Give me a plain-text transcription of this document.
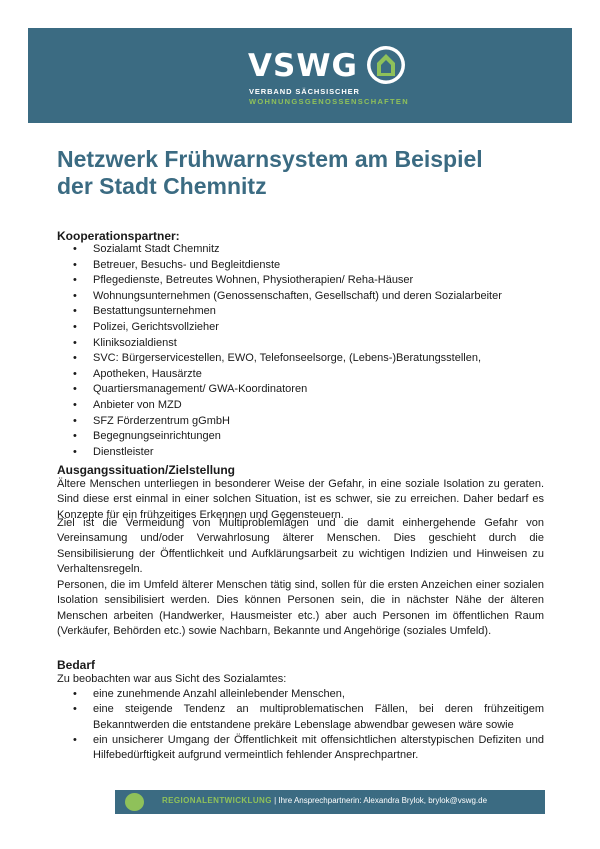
VSWG
VERBAND SÄCHSISCHER
WOHNUNGSGENOSSENSCHAFTEN
Netzwerk Frühwarnsystem am Beispiel
der Stadt Chemnitz
Kooperationspartner:
• Sozialamt Stadt Chemnitz
• Betreuer, Besuchs- und Begleitdienste
• Pflegedienste, Betreutes Wohnen, Physiotherapien/ Reha-Häuser
• Wohnungsunternehmen (Genossenschaften, Gesellschaft) und deren Sozialarbeiter
• Bestattungsunternehmen
• Polizei, Gerichtsvollzieher
• Kliniksozialdienst
• SVC: Bürgerservicestellen, EWO, Telefonseelsorge, (Lebens-)Beratungsstellen,
• Apotheken, Hausärzte
• Quartiersmanagement/ GWA-Koordinatoren
• Anbieter von MZD
• SFZ Förderzentrum gGmbH
• Begegnungseinrichtungen
• Dienstleister
Ausgangssituation/Zielstellung

Ältere Menschen unterliegen in besonderer Weise der Gefahr, in eine soziale Isolation zu geraten. Sind diese erst einmal in einer solchen Situation, ist es schwer, sie zu erreichen. Daher bedarf es Konzepte für ein frühzeitiges Erkennen und Gegensteuern.

Ziel ist die Vermeidung von Multiproblemlagen und die damit einhergehende Gefahr von Vereinsamung und/oder Verwahrlosung älterer Menschen. Dies geschieht durch die Sensibilisierung der Öffentlichkeit und Aufklärungsarbeit zu wichtigen Indizien und Hinweisen zu Verhaltensregeln.

Personen, die im Umfeld älterer Menschen tätig sind, sollen für die ersten Anzeichen einer sozialen Isolation sensibilisiert werden. Dies können Personen sein, die in nächster Nähe der älteren Menschen arbeiten (Handwerker, Hausmeister etc.) aber auch Personen im öffentlichen Raum (Verkäufer, Behörden etc.) sowie Nachbarn, Bekannte und Angehörige (soziales Umfeld).

Bedarf

Zu beobachten war aus Sicht des Sozialamtes:

• eine zunehmende Anzahl alleinlebender Menschen,
• eine steigende Tendenz an multiproblematischen Fällen, bei deren frühzeitigem Bekanntwerden die entstandene prekäre Lebenslage abwendbar gewesen wäre sowie
• ein unsicherer Umgang der Öffentlichkeit mit offensichtlichen alterstypischen Defiziten und Hilfebedürftigkeit aufgrund vermeintlich fehlender Ansprechpartner.
REGIONALENTWICKLUNG | Ihre Ansprechpartnerin: Alexandra Brylok, brylok@vswg.de
